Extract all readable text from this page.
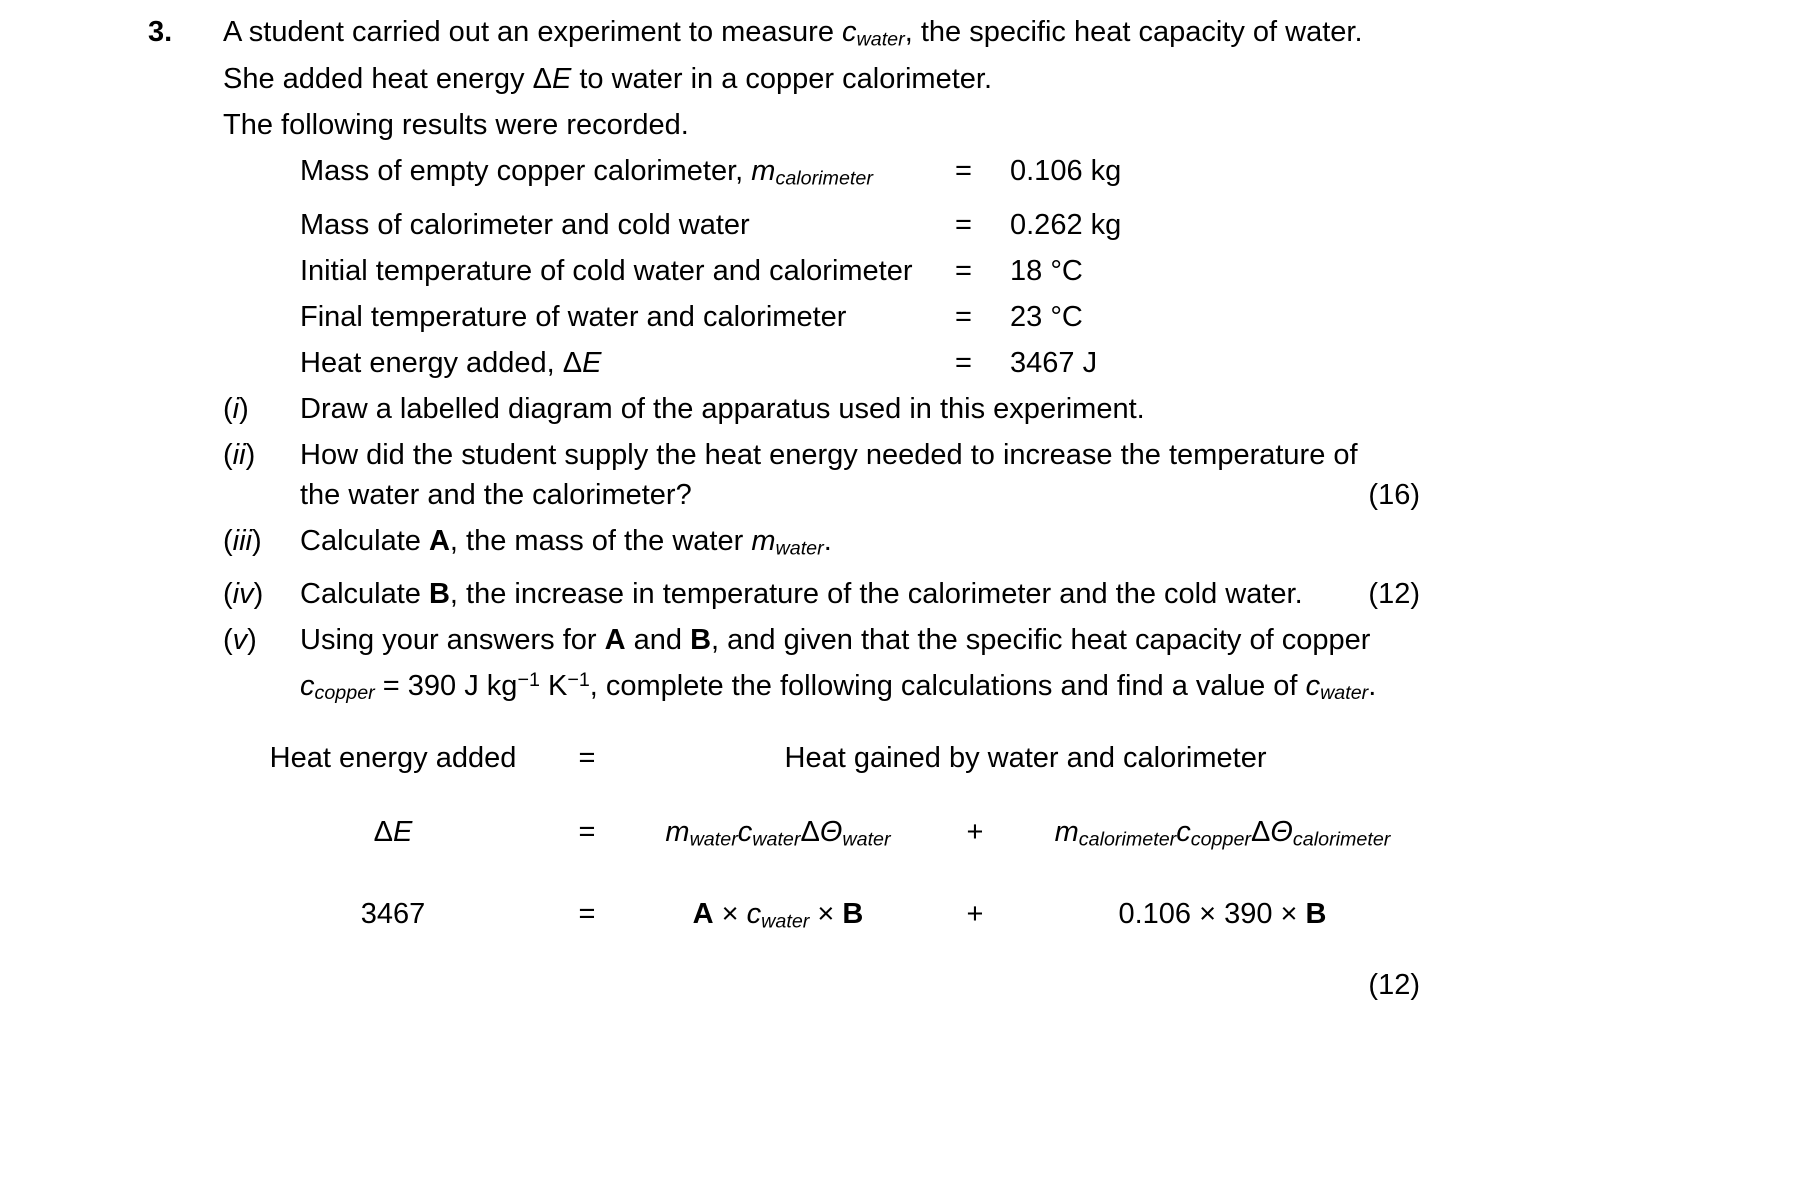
3.	A student carried out an experiment to measure cwater, the specific heat capacity of water.
She added heat energy ΔE to water in a copper calorimeter.
The following results were recorded.
Mass of empty copper calorimeter, mcalorimeter	=	0.106 kg
Mass of calorimeter and cold water	=	0.262 kg
Initial temperature of cold water and calorimeter	=	18 °C
Final temperature of water and calorimeter	=	23 °C
Heat energy added, ΔE	=	3467 J
(i)	Draw a labelled diagram of the apparatus used in this experiment.
(ii)	How did the student supply the heat energy needed to increase the temperature of
the water and the calorimeter?	(16)
(iii)	Calculate A, the mass of the water mwater.
(iv)	Calculate B, the increase in temperature of the calorimeter and the cold water.	(12)
(v)	Using your answers for A and B, and given that the specific heat capacity of copper
ccopper = 390 J $kg^{-1}$ $K^{-1}$, complete the following calculations and find a value of cwater.
Heat energy added	=	Heat gained by water and calorimeter
ΔE	=	mwatercwaterΔΘwater	+	mcalorimeterccopperΔΘcalorimeter
3467	=	A × cwater × B	+	0.106 × 390 × B
(12)
